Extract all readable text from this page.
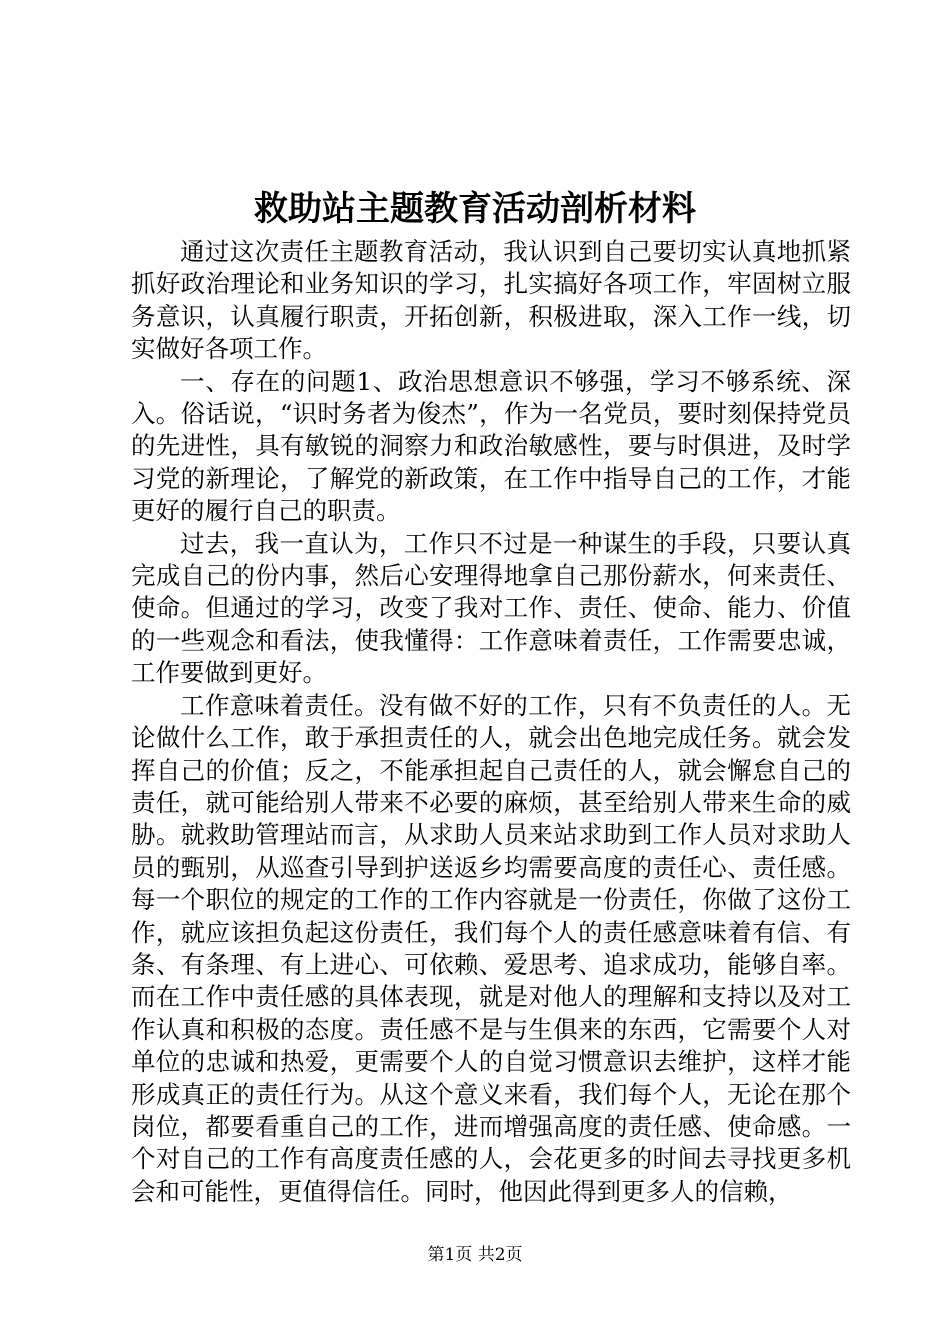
救助站主题教育活动剖析材料

通过这次责任主题教育活动，我认识到自己要切实认真地抓紧抓好政治理论和业务知识的学习，扎实搞好各项工作，牢固树立服务意识，认真履行职责，开拓创新，积极进取，深入工作一线，切实做好各项工作。

一、存在的问题1、政治思想意识不够强，学习不够系统、深入。俗话说，“识时务者为俊杰”，作为一名党员，要时刻保持党员的先进性，具有敏锐的洞察力和政治敏感性，要与时俱进，及时学习党的新理论，了解党的新政策，在工作中指导自己的工作，才能更好的履行自己的职责。

过去，我一直认为，工作只不过是一种谋生的手段，只要认真完成自己的份内事，然后心安理得地拿自己那份薪水，何来责任、使命。但通过的学习，改变了我对工作、责任、使命、能力、价值的一些观念和看法，使我懂得：工作意味着责任，工作需要忠诚，工作要做到更好。

工作意味着责任。没有做不好的工作，只有不负责任的人。无论做什么工作，敢于承担责任的人，就会出色地完成任务。就会发挥自己的价值；反之，不能承担起自己责任的人，就会懈怠自己的责任，就可能给别人带来不必要的麻烦，甚至给别人带来生命的威胁。就救助管理站而言，从求助人员来站求助到工作人员对求助人员的甄别，从巡查引导到护送返乡均需要高度的责任心、责任感。每一个职位的规定的工作的工作内容就是一份责任，你做了这份工作，就应该担负起这份责任，我们每个人的责任感意味着有信、有条、有条理、有上进心、可依赖、爱思考、追求成功，能够自率。而在工作中责任感的具体表现，就是对他人的理解和支持以及对工作认真和积极的态度。责任感不是与生俱来的东西，它需要个人对单位的忠诚和热爱，更需要个人的自觉习惯意识去维护，这样才能形成真正的责任行为。从这个意义来看，我们每个人，无论在那个岗位，都要看重自己的工作，进而增强高度的责任感、使命感。一个对自己的工作有高度责任感的人，会花更多的时间去寻找更多机会和可能性，更值得信任。同时，他因此得到更多人的信赖，

第1页 共2页
